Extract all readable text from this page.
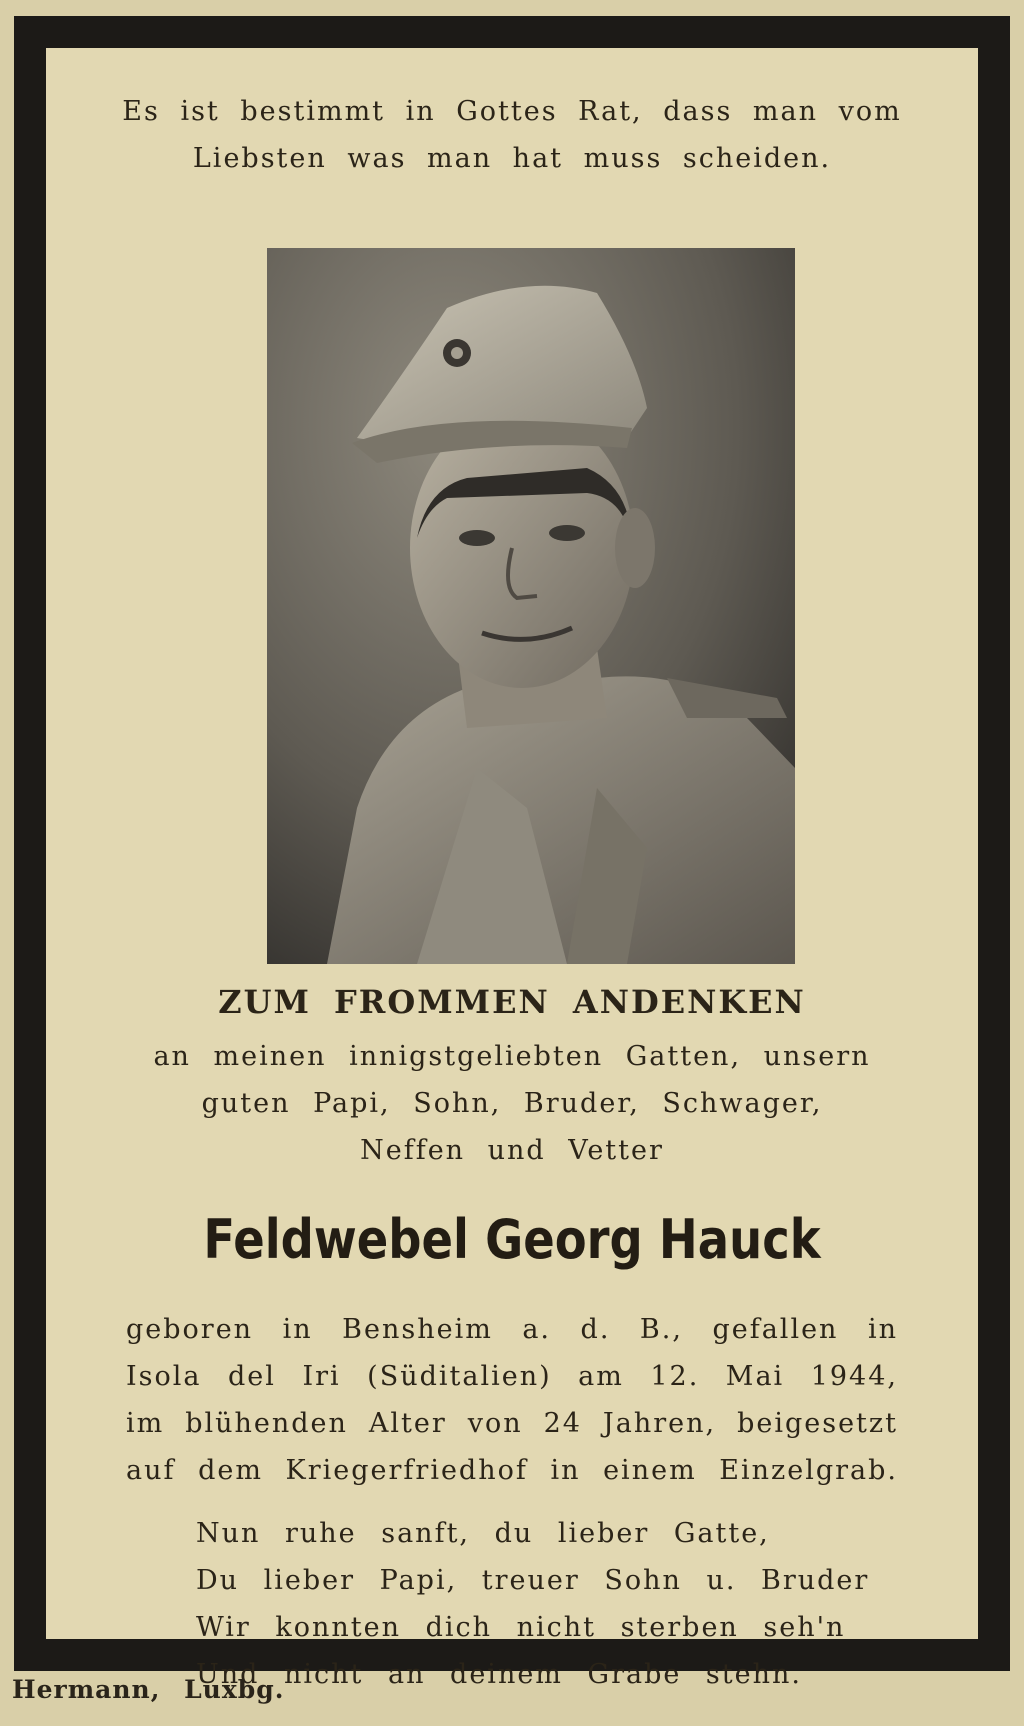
Es ist bestimmt in Gottes Rat, dass man vom
Liebsten was man hat muss scheiden.
ZUM FROMMEN ANDENKEN
an meinen innigstgeliebten Gatten, unsern
guten Papi, Sohn, Bruder, Schwager,
Neffen und Vetter
Feldwebel Georg Hauck
geboren in Bensheim a. d. B., gefallen in
Isola del Iri (Süditalien) am 12. Mai 1944,
im blühenden Alter von 24 Jahren, beigesetzt
auf dem Kriegerfriedhof in einem Einzelgrab.
Nun ruhe sanft, du lieber Gatte,
Du lieber Papi, treuer Sohn u. Bruder
Wir konnten dich nicht sterben seh'n
Und nicht an deinem Grabe stehn.
Hermann, Luxbg.
